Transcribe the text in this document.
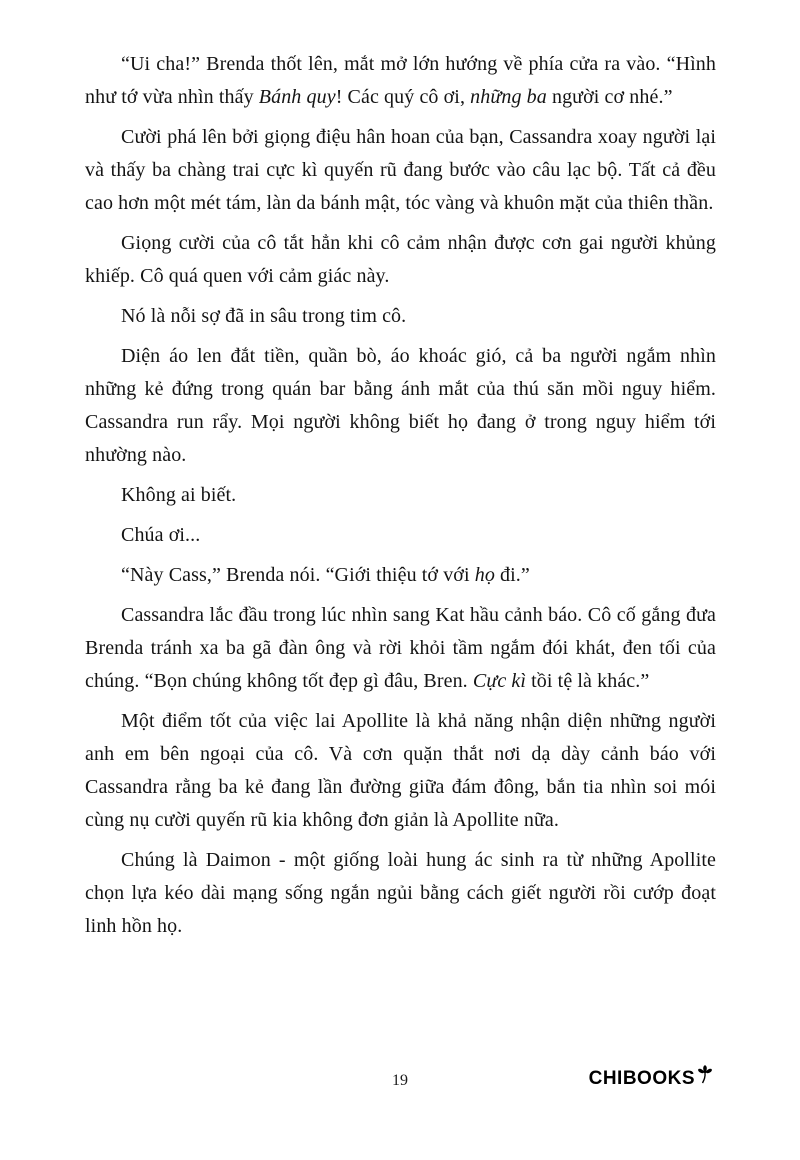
“Ui cha!” Brenda thốt lên, mắt mở lớn hướng về phía cửa ra vào. “Hình như tớ vừa nhìn thấy Bánh quy! Các quý cô ơi, những ba người cơ nhé.”

Cười phá lên bởi giọng điệu hân hoan của bạn, Cassandra xoay người lại và thấy ba chàng trai cực kì quyến rũ đang bước vào câu lạc bộ. Tất cả đều cao hơn một mét tám, làn da bánh mật, tóc vàng và khuôn mặt của thiên thần.

Giọng cười của cô tắt hẳn khi cô cảm nhận được cơn gai người khủng khiếp. Cô quá quen với cảm giác này.

Nó là nỗi sợ đã in sâu trong tim cô.

Diện áo len đắt tiền, quần bò, áo khoác gió, cả ba người ngắm nhìn những kẻ đứng trong quán bar bằng ánh mắt của thú săn mồi nguy hiểm. Cassandra run rẩy. Mọi người không biết họ đang ở trong nguy hiểm tới nhường nào.

Không ai biết.

Chúa ơi...

“Này Cass,” Brenda nói. “Giới thiệu tớ với họ đi.”

Cassandra lắc đầu trong lúc nhìn sang Kat hầu cảnh báo. Cô cố gắng đưa Brenda tránh xa ba gã đàn ông và rời khỏi tầm ngắm đói khát, đen tối của chúng. “Bọn chúng không tốt đẹp gì đâu, Bren. Cực kì tồi tệ là khác.”

Một điểm tốt của việc lai Apollite là khả năng nhận diện những người anh em bên ngoại của cô. Và cơn quặn thắt nơi dạ dày cảnh báo với Cassandra rằng ba kẻ đang lần đường giữa đám đông, bắn tia nhìn soi mói cùng nụ cười quyến rũ kia không đơn giản là Apollite nữa.

Chúng là Daimon - một giống loài hung ác sinh ra từ những Apollite chọn lựa kéo dài mạng sống ngắn ngủi bằng cách giết người rồi cướp đoạt linh hồn họ.

19	CHIBOOKS
